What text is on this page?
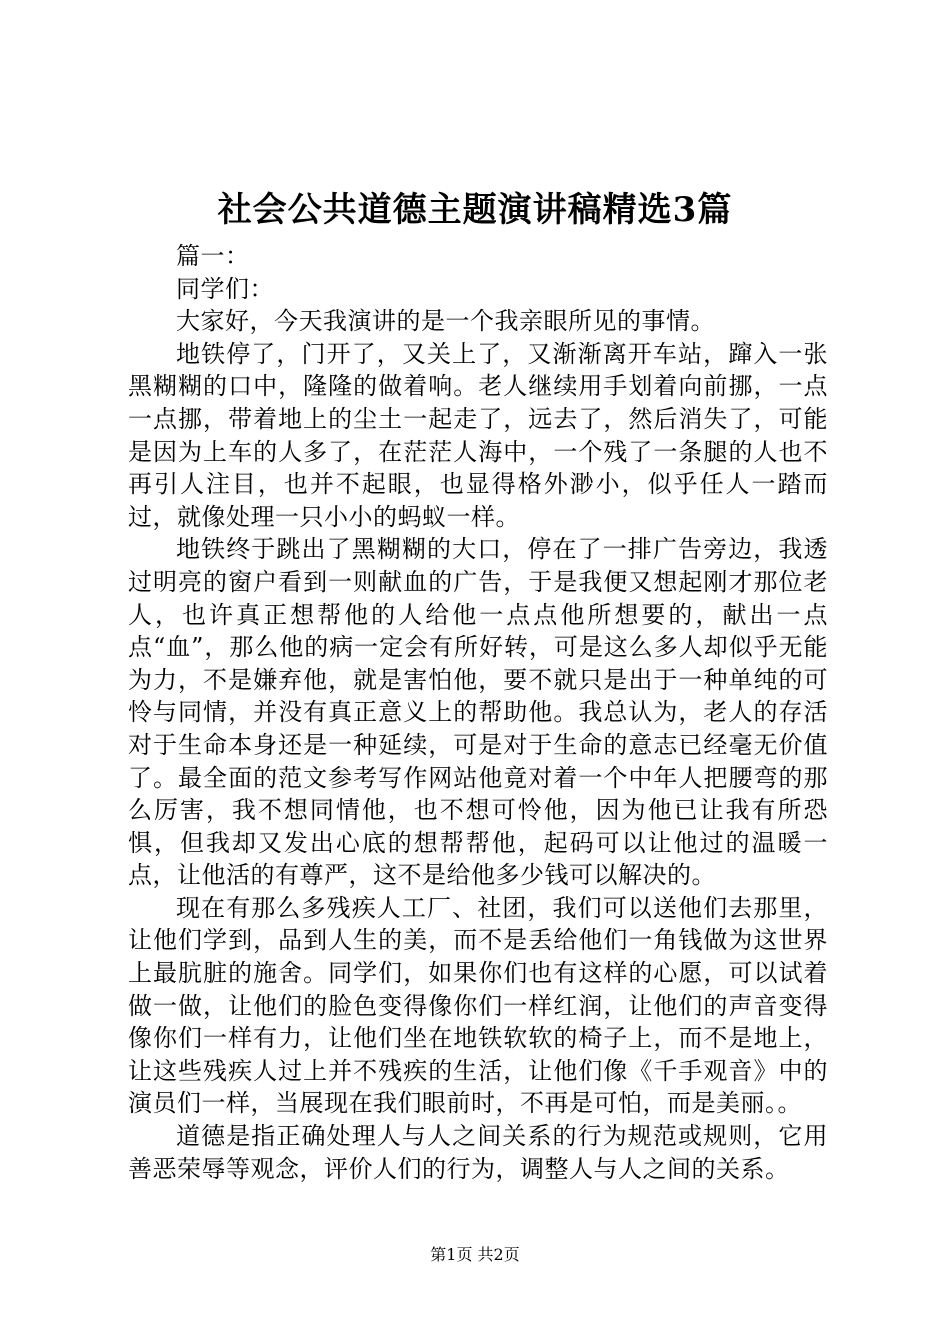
社会公共道德主题演讲稿精选3篇

篇一：

同学们：

大家好，今天我演讲的是一个我亲眼所见的事情。

地铁停了，门开了，又关上了，又渐渐离开车站，蹿入一张黑糊糊的口中，隆隆的做着响。老人继续用手划着向前挪，一点一点挪，带着地上的尘土一起走了，远去了，然后消失了，可能是因为上车的人多了，在茫茫人海中，一个残了一条腿的人也不再引人注目，也并不起眼，也显得格外渺小，似乎任人一踏而过，就像处理一只小小的蚂蚁一样。

地铁终于跳出了黑糊糊的大口，停在了一排广告旁边，我透过明亮的窗户看到一则献血的广告，于是我便又想起刚才那位老人，也许真正想帮他的人给他一点点他所想要的，献出一点点“血”，那么他的病一定会有所好转，可是这么多人却似乎无能为力，不是嫌弃他，就是害怕他，要不就只是出于一种单纯的可怜与同情，并没有真正意义上的帮助他。我总认为，老人的存活对于生命本身还是一种延续，可是对于生命的意志已经毫无价值了。最全面的范文参考写作网站他竟对着一个中年人把腰弯的那么厉害，我不想同情他，也不想可怜他，因为他已让我有所恐惧，但我却又发出心底的想帮帮他，起码可以让他过的温暖一点，让他活的有尊严，这不是给他多少钱可以解决的。

现在有那么多残疾人工厂、社团，我们可以送他们去那里，让他们学到，品到人生的美，而不是丢给他们一角钱做为这世界上最肮脏的施舍。同学们，如果你们也有这样的心愿，可以试着做一做，让他们的脸色变得像你们一样红润，让他们的声音变得像你们一样有力，让他们坐在地铁软软的椅子上，而不是地上，让这些残疾人过上并不残疾的生活，让他们像《千手观音》中的演员们一样，当展现在我们眼前时，不再是可怕，而是美丽。。

道德是指正确处理人与人之间关系的行为规范或规则，它用善恶荣辱等观念，评价人们的行为，调整人与人之间的关系。

第1页 共2页
